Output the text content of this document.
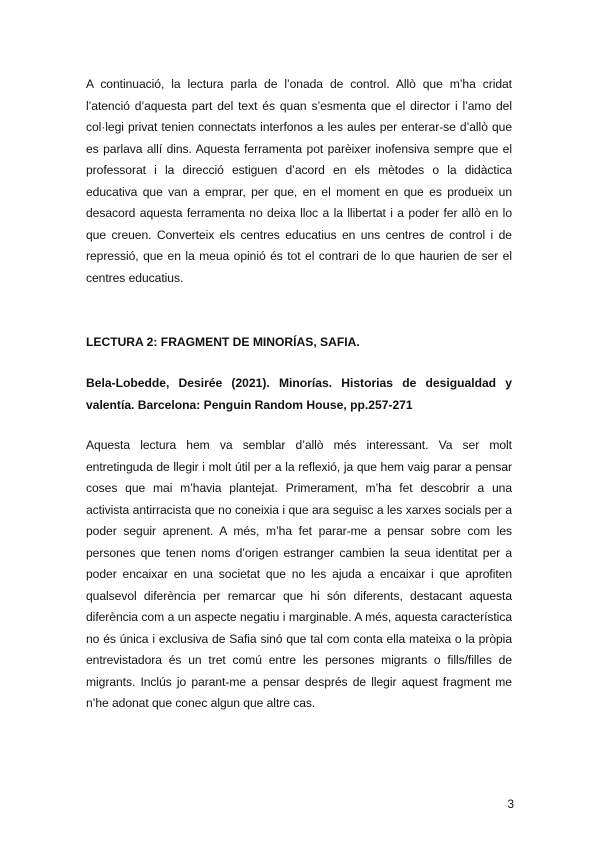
A continuació, la lectura parla de l’onada de control. Allò que m’ha cridat l’atenció d’aquesta part del text és quan s’esmenta que el director i l’amo del col·legi privat tenien connectats interfonos a les aules per enterar-se d’allò que es parlava allí dins. Aquesta ferramenta pot parèixer inofensiva sempre que el professorat i la direcció estiguen d’acord en els mètodes o la didàctica educativa que van a emprar, per que, en el moment en que es produeix un desacord aquesta ferramenta no deixa lloc a la llibertat i a poder fer allò en lo que creuen. Converteix els centres educatius en uns centres de control i de repressió, que en la meua opinió és tot el contrari de lo que haurien de ser el centres educatius.

LECTURA 2: FRAGMENT DE MINORÍAS, SAFIA.

Bela-Lobedde, Desirée (2021). Minorías. Historias de desigualdad y valentía. Barcelona: Penguin Random House, pp.257-271

Aquesta lectura hem va semblar d’allò més interessant. Va ser molt entretinguda de llegir i molt útil per a la reflexió, ja que hem vaig parar a pensar coses que mai m’havia plantejat. Primerament, m’ha fet descobrir a una activista antirracista que no coneixia i que ara seguisc a les xarxes socials per a poder seguir aprenent. A més, m’ha fet parar-me a pensar sobre com les persones que tenen noms d’origen estranger cambien la seua identitat per a poder encaixar en una societat que no les ajuda a encaixar i que aprofiten qualsevol diferència per remarcar que hi són diferents, destacant aquesta diferència com a un aspecte negatiu i marginable. A més, aquesta característica no és única i exclusiva de Safia sinó que tal com conta ella mateixa o la pròpia entrevistadora és un tret comú entre les persones migrants o fills/filles de migrants. Inclús jo parant-me a pensar després de llegir aquest fragment me n’he adonat que conec algun que altre cas.

3
